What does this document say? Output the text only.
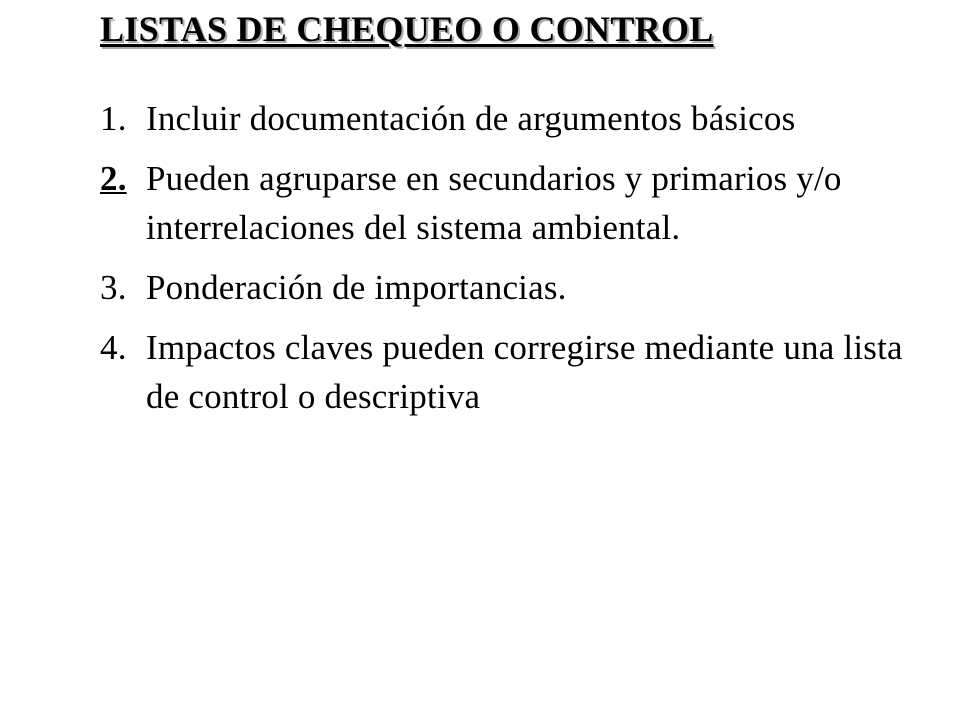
LISTAS DE CHEQUEO O CONTROL
1. Incluir documentación de argumentos básicos
2. Pueden agruparse en secundarios y primarios y/o interrelaciones del sistema ambiental.
3. Ponderación de importancias.
4. Impactos claves pueden corregirse mediante una lista de control o descriptiva
